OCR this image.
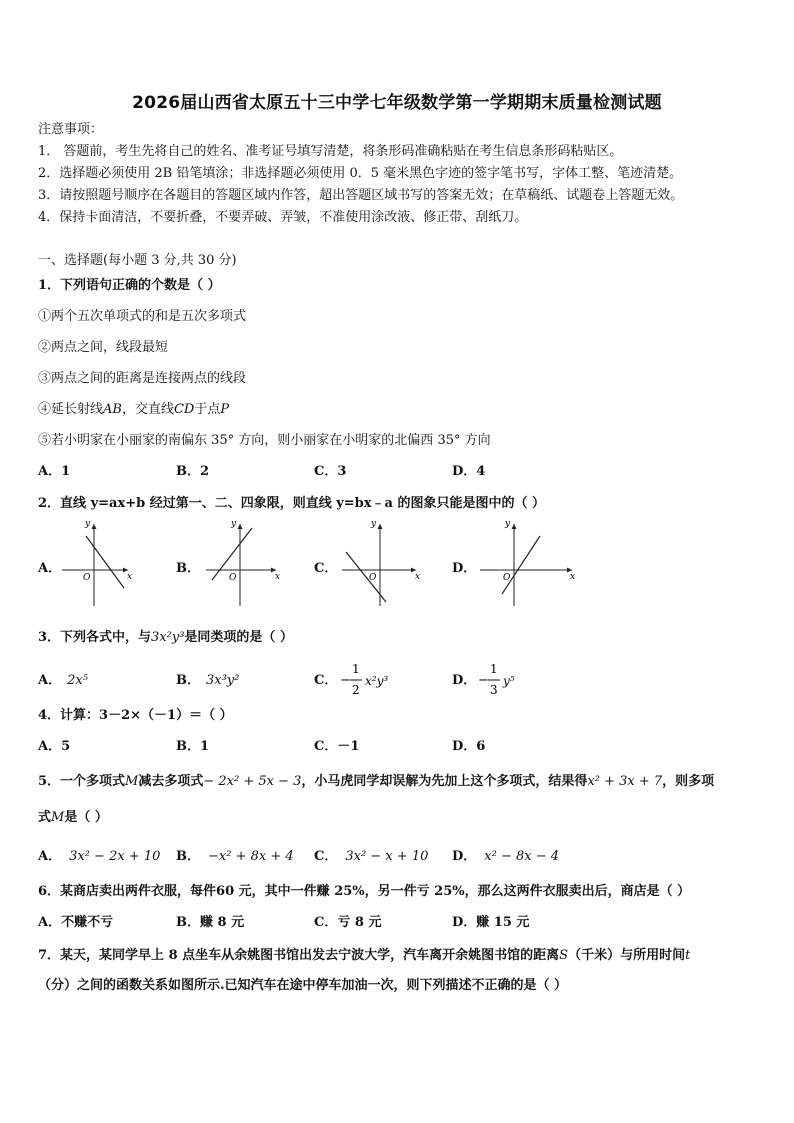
2026届山西省太原五十三中学七年级数学第一学期期末质量检测试题
注意事项：
1． 答题前，考生先将自己的姓名、准考证号填写清楚，将条形码准确粘贴在考生信息条形码粘贴区。
2．选择题必须使用 2B 铅笔填涂；非选择题必须使用 0．5 毫米黑色字迹的签字笔书写，字体工整、笔迹清楚。
3．请按照题号顺序在各题目的答题区域内作答，超出答题区域书写的答案无效；在草稿纸、试题卷上答题无效。
4．保持卡面清洁，不要折叠，不要弄破、弄皱，不准使用涂改液、修正带、刮纸刀。
一、选择题(每小题 3 分,共 30 分)
1．下列语句正确的个数是（ ）
①两个五次单项式的和是五次多项式
②两点之间，线段最短
③两点之间的距离是连接两点的线段
④延长射线AB，交直线CD于点P
⑤若小明家在小丽家的南偏东 35° 方向，则小丽家在小明家的北偏西 35° 方向
A．1	B．2	C．3	D．4
2．直线 y=ax+b 经过第一、二、四象限，则直线 y=bx﹣a 的图象只能是图中的（ ）
A．
y
x
O
B．
y
x
O
C．
y
x
O
D．
y
x
O
3．下列各式中，与3x²y³是同类项的是（ ）
A． 2x⁵	B． 3x³y²	C． −
1
2
x²y³	D． −
1
3
y⁵
4．计算：3－2×（－1）＝（ ）
A．5	B．1	C．－1	D．6
5．一个多项式M减去多项式− 2x² + 5x − 3，小马虎同学却误解为先加上这个多项式，结果得x² + 3x + 7，则多项
式M是（ ）
A． 3x² − 2x + 10 B． −x² + 8x + 4 C． 3x² − x + 10 D． x² − 8x − 4
6．某商店卖出两件衣服，每件60 元，其中一件赚 25%，另一件亏 25%，那么这两件衣服卖出后，商店是（ ）
A．不赚不亏	B．赚 8 元	C．亏 8 元	D．赚 15 元
7．某天，某同学早上 8 点坐车从余姚图书馆出发去宁波大学，汽车离开余姚图书馆的距离S（千米）与所用时间t
（分）之间的函数关系如图所示.已知汽车在途中停车加油一次，则下列描述不正确的是（ ）
